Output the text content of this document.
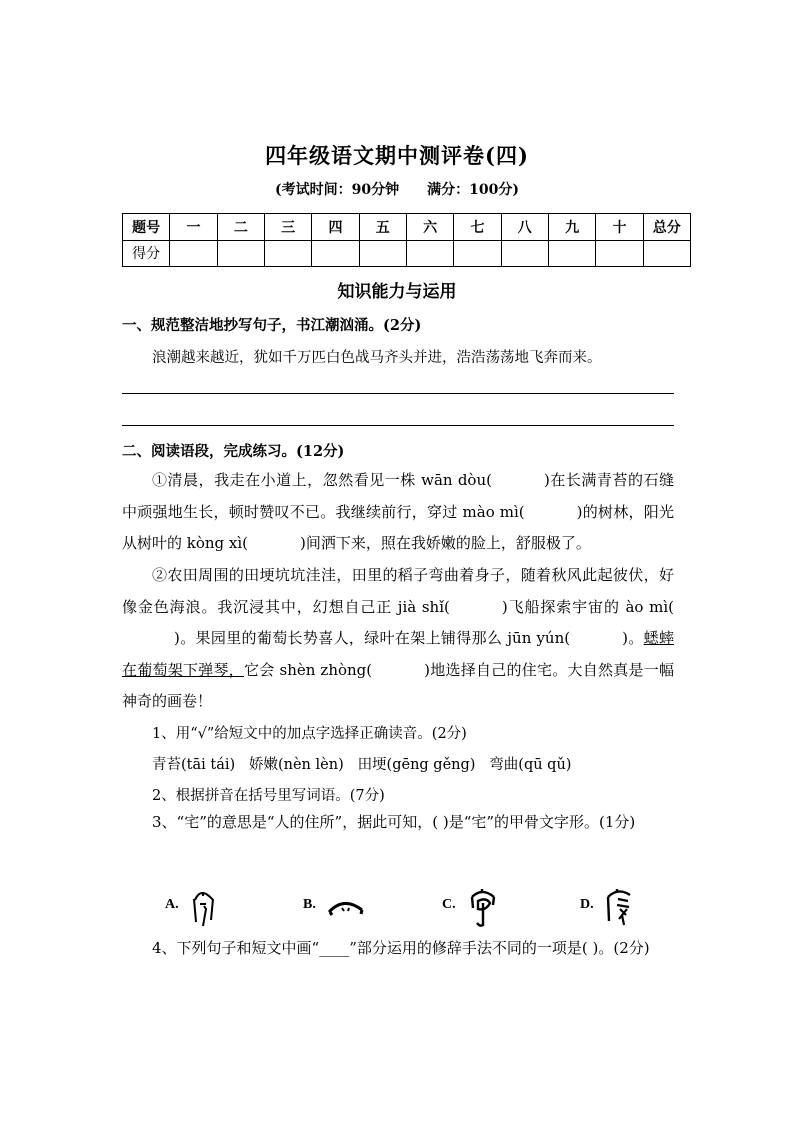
四年级语文期中测评卷(四)
(考试时间：90分钟 满分：100分)
题号	一	二	三	四	五	六	七	八	九	十	总分
得分											
知识能力与运用
一、规范整洁地抄写句子，书江潮汹涌。(2分)
浪潮越来越近，犹如千万匹白色战马齐头并进，浩浩荡荡地飞奔而来。
二、阅读语段，完成练习。(12分)

①清晨，我走在小道上，忽然看见一株 wān dòu(	)在长满青苔的石缝中顽强地生长，顿时赞叹不已。我继续前行，穿过 mào mì(	)的树林，阳光从树叶的 kòng xì(	)间洒下来，照在我娇嫩的脸上，舒服极了。

②农田周围的田埂坑坑洼洼，田里的稻子弯曲着身子，随着秋风此起彼伏，好像金色海浪。我沉浸其中，幻想自己正 jià shǐ(	)飞船探索宇宙的 ào mì()。果园里的葡萄长势喜人，绿叶在架上铺得那么 jūn yún(	)。蟋蟀在葡萄架下弹琴，它会 shèn zhòng(	)地选择自己的住宅。大自然真是一幅神奇的画卷！

1、用“√”给短文中的加点字选择正确读音。(2分)
青苔(tāi tái) 娇嫩(nèn lèn) 田埂(gēng gěng) 弯曲(qū qǔ)
2、根据拼音在括号里写词语。(7分)

3、“宅”的意思是“人的住所”，据此可知，( )是“宅”的甲骨文字形。(1分)

A.	B.	C.	D.

4、下列句子和短文中画“____”部分运用的修辞手法不同的一项是( )。(2分)
